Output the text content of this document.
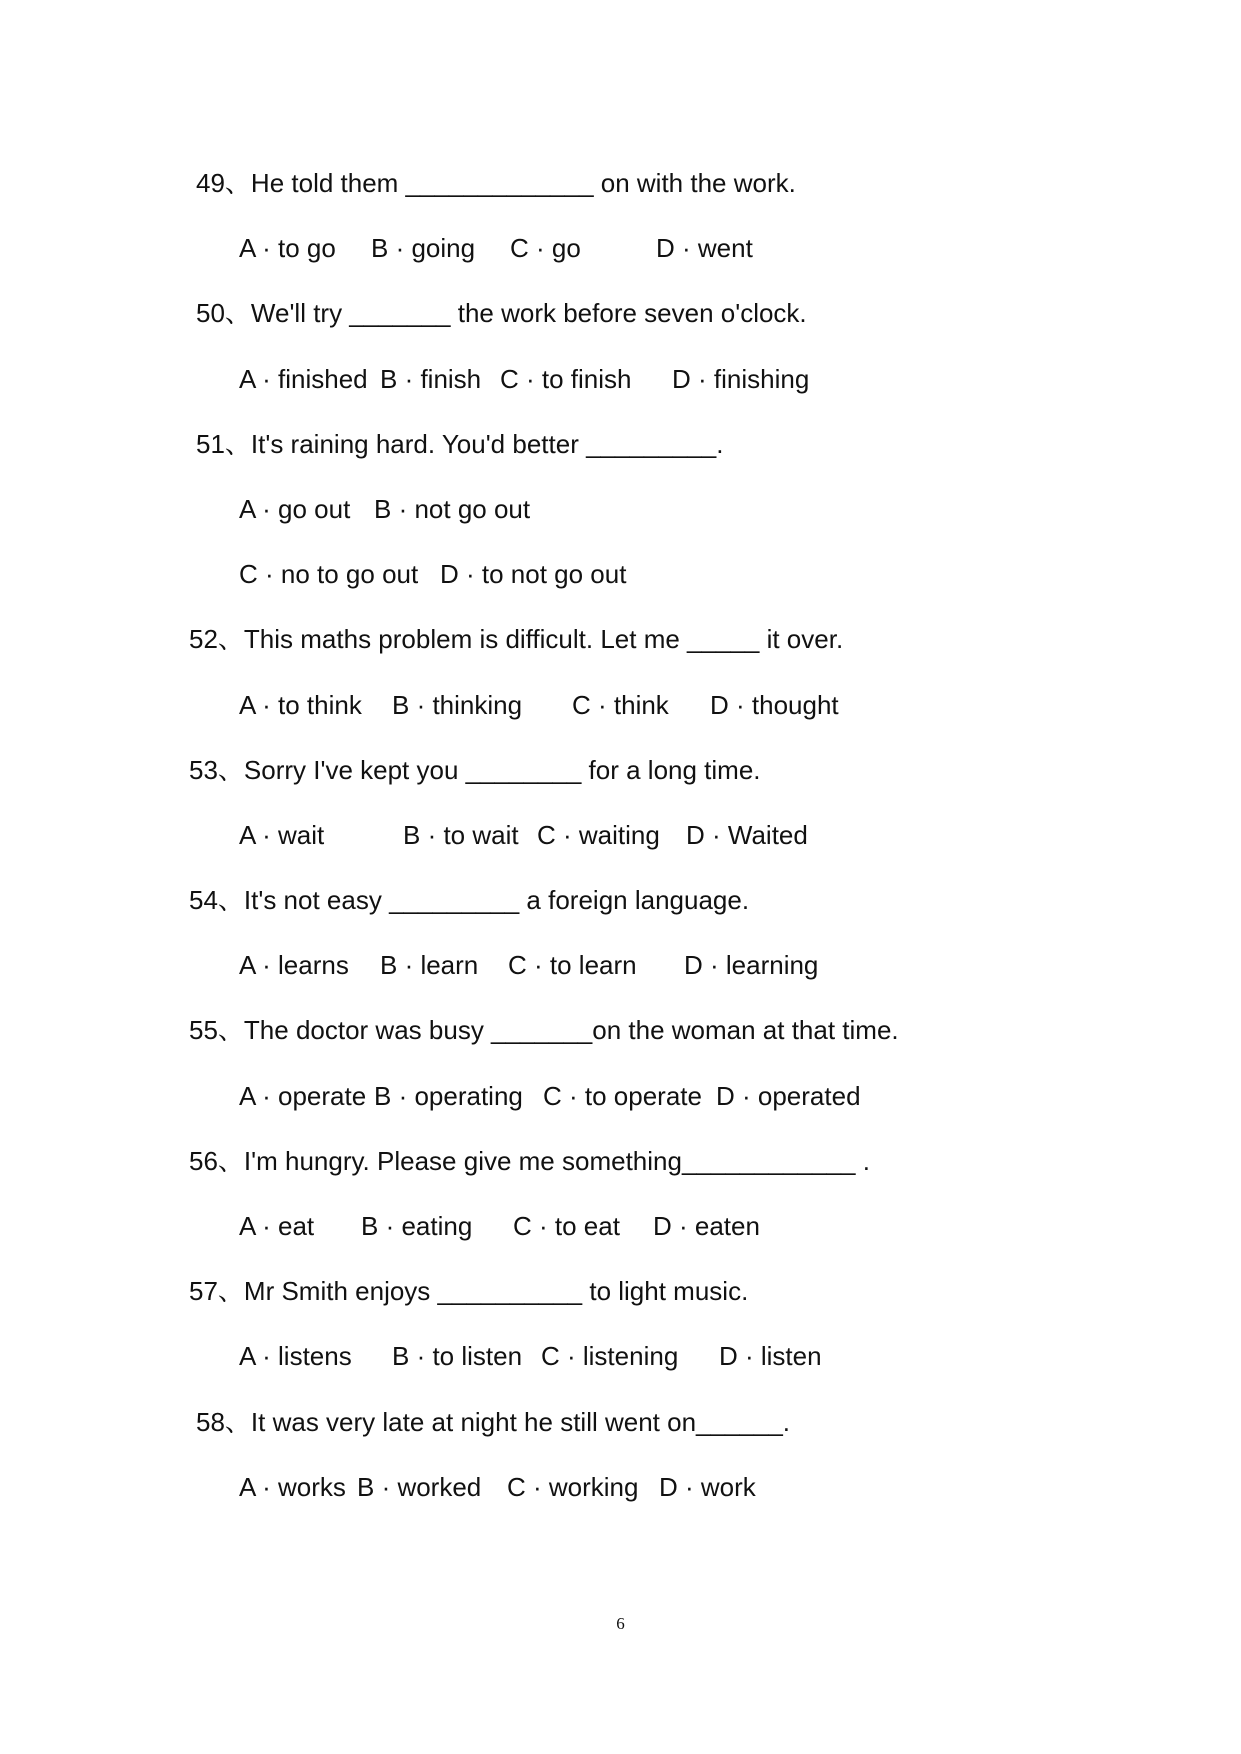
49、He told them _____________ on with the work.
A · to go B · going C · go	D · went
50、We'll try _______ the work before seven o'clock.
A · finished B · finish C · to finish D · finishing
51、It's raining hard. You'd better _________.
A · go out B · not go out
C · no to go out D · to not go out
52、This maths problem is difficult. Let me _____ it over.
A · to think B · thinking C · think D · thought
53、Sorry I've kept you ________ for a long time.
A · wait	B · to wait C · waiting D · Waited
54、It's not easy _________ a foreign language.
A · learns B · learn C · to learn D · learning
55、The doctor was busy _______on the woman at that time.
A · operate B · operating C · to operate D · operated
56、I'm hungry. Please give me something____________ .
A · eat B · eating C · to eat D · eaten
57、Mr Smith enjoys __________ to light music.
A · listens B · to listen C · listening D · listen
58、It was very late at night he still went on______.
A · works B · worked C · working D · work
6
